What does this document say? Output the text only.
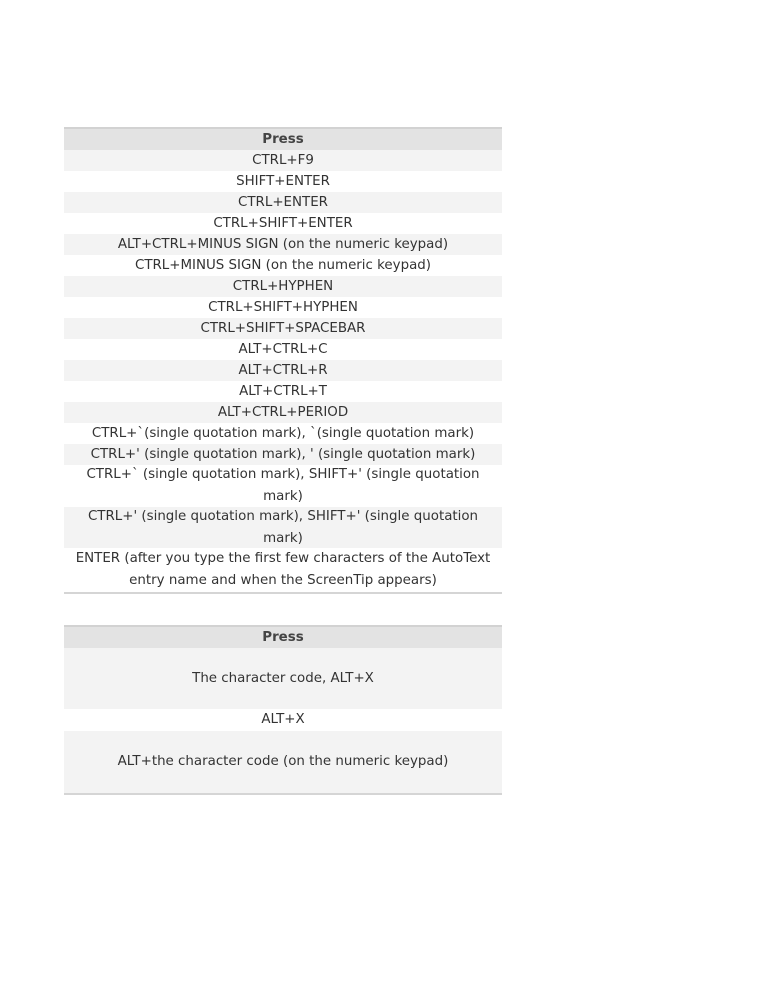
Press
CTRL+F9
SHIFT+ENTER
CTRL+ENTER
CTRL+SHIFT+ENTER
ALT+CTRL+MINUS SIGN (on the numeric keypad)
CTRL+MINUS SIGN (on the numeric keypad)
CTRL+HYPHEN
CTRL+SHIFT+HYPHEN
CTRL+SHIFT+SPACEBAR
ALT+CTRL+C
ALT+CTRL+R
ALT+CTRL+T
ALT+CTRL+PERIOD
CTRL+`(single quotation mark), `(single quotation mark)
CTRL+' (single quotation mark), ' (single quotation mark)
CTRL+` (single quotation mark), SHIFT+' (single quotation mark)
CTRL+' (single quotation mark), SHIFT+' (single quotation mark)
ENTER (after you type the first few characters of the AutoText entry name and when the ScreenTip appears)
Press
The character code, ALT+X
ALT+X
ALT+the character code (on the numeric keypad)
